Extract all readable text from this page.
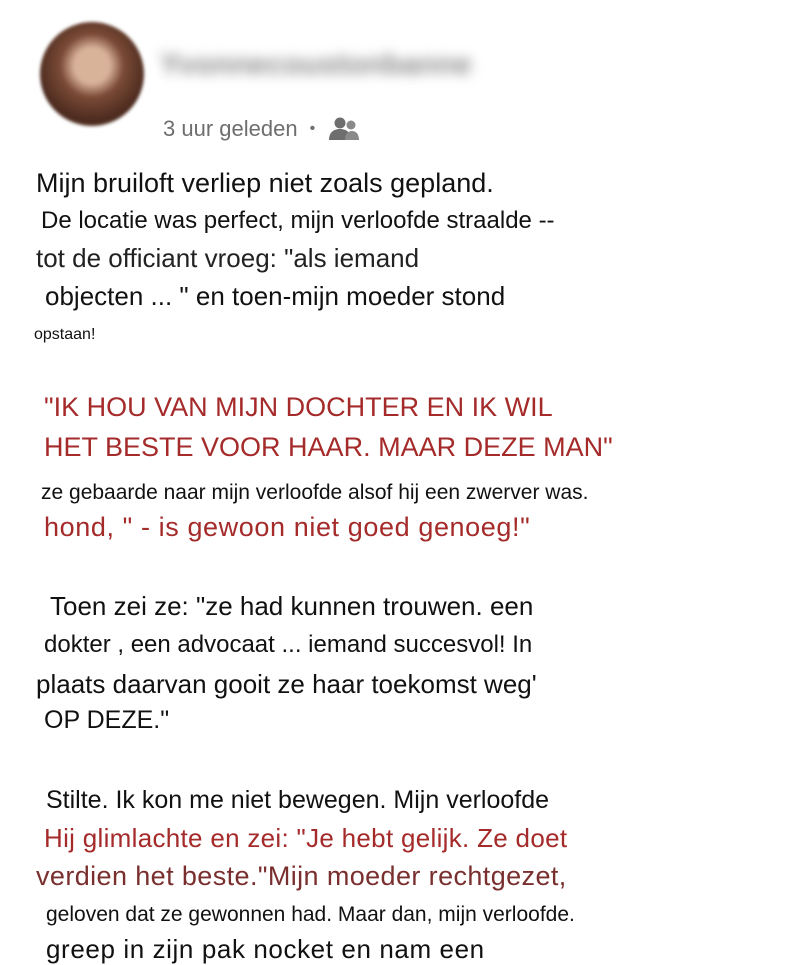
Yvonnecoustonbanne
3 uur geleden •

Mijn bruiloft verliep niet zoals gepland.

De locatie was perfect, mijn verloofde straalde --

tot de officiant vroeg: "als iemand

objecten ... " en toen-mijn moeder stond

opstaan!

"IK HOU VAN MIJN DOCHTER EN IK WIL

HET BESTE VOOR HAAR. MAAR DEZE MAN"

ze gebaarde naar mijn verloofde alsof hij een zwerver was.

hond, " - is gewoon niet goed genoeg!"

Toen zei ze: "ze had kunnen trouwen. een

dokter , een advocaat ... iemand succesvol! In

plaats daarvan gooit ze haar toekomst weg'

OP DEZE."

Stilte. Ik kon me niet bewegen. Mijn verloofde

Hij glimlachte en zei: "Je hebt gelijk. Ze doet

verdien het beste."Mijn moeder rechtgezet,

geloven dat ze gewonnen had. Maar dan, mijn verloofde.

greep in zijn pak nocket en nam een
